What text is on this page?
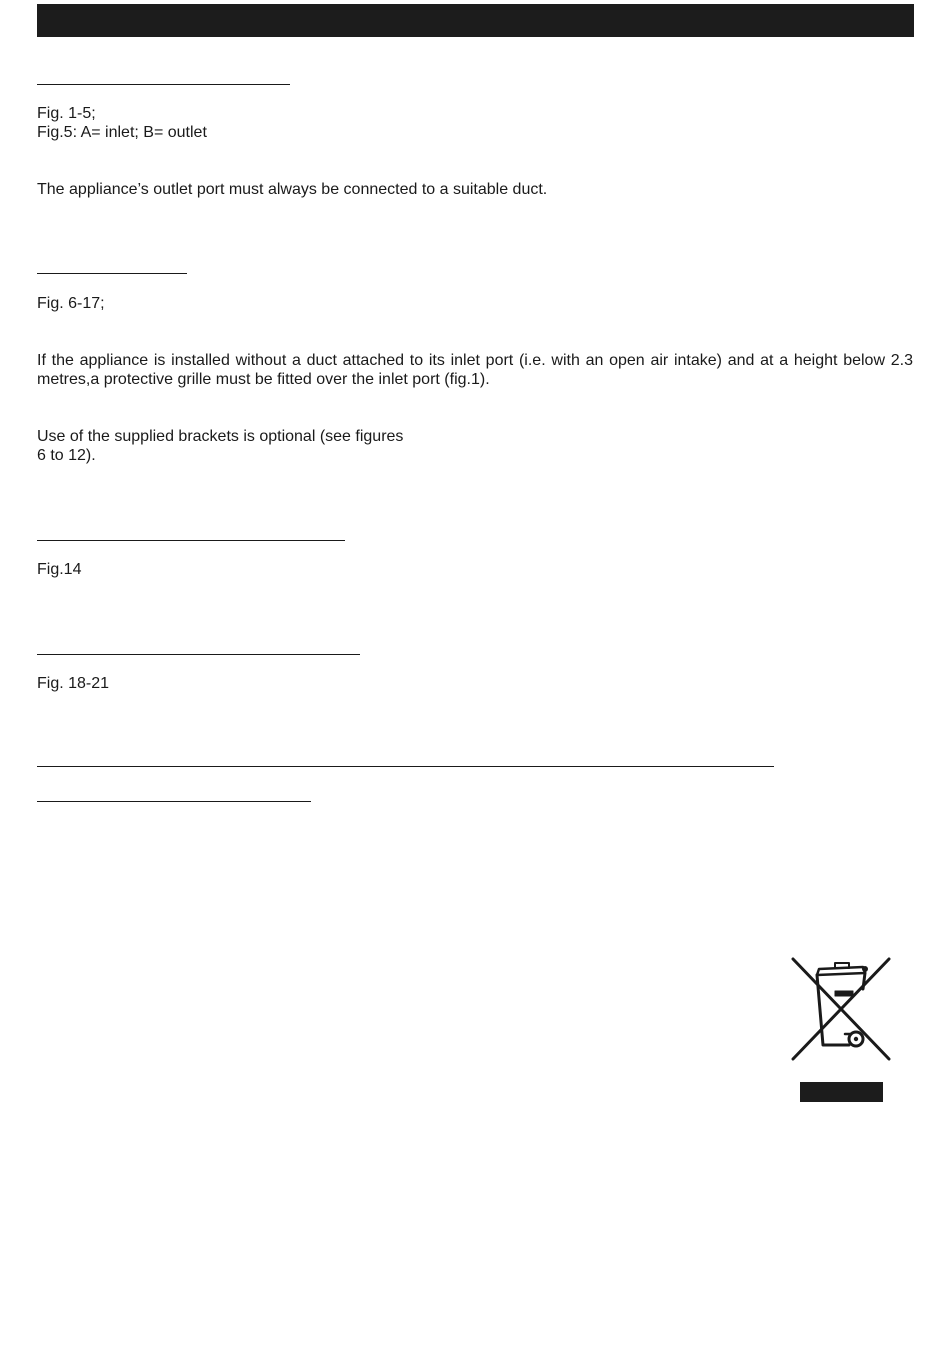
Fig. 1-5;
Fig.5: A= inlet; B= outlet
The appliance’s outlet port must always be connected to a suitable duct.
Fig. 6-17;
If the appliance is installed without a duct attached to its inlet port (i.e. with an open air intake) and at a height below 2.3 metres,a protective grille must be fitted over the inlet port (fig.1).
Use of the supplied brackets is optional (see figures
6 to 12).
Fig.14
Fig. 18-21
